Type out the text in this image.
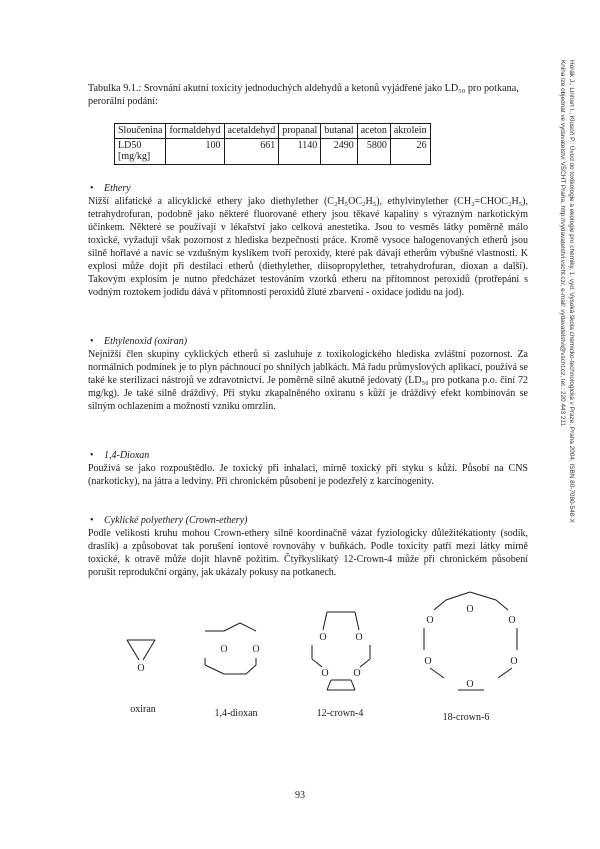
Tabulka 9.1.: Srovnání akutní toxicity jednoduchých aldehydů a ketonů vyjádřené jako LD₅₀ pro potkana, perorální podání:
Sloučenina	formaldehyd	acetaldehyd	propanal	butanal	aceton	akrolein
LD50
[mg/kg]	100	661	1140	2490	5800	26
•	Ethery
Nižší alifatické a alicyklické ethery jako diethylether (C₂H₅OC₂H₅), ethylvinylether (CH₂=CHOC₂H₅), tetrahydrofuran, podobně jako některé fluorované ethery jsou těkavé kapaliny s výrazným narkotickým účinkem. Některé se používají v lékařství jako celková anestetika. Jsou to vesměs látky poměrně málo toxické, vyžadují však pozornost z hlediska bezpečnosti práce. Kromě vysoce halogenovaných etherů jsou silně hořlavé a navíc se vzdušným kyslíkem tvoří peroxidy, které pak dávají etherům výbušné vlastnosti. K explosi může dojít při destilaci etherů (diethylether, diisopropylether, tetrahydrofuran, dioxan a další). Takovým explosím je nutno předcházet testováním vzorků etheru na přítomnost peroxidů (protřepání s vodným roztokem jodidu dává v přítomnosti peroxidů žluté zbarvení - oxidace jodidu na jod).
•	Ethylenoxid (oxiran)
Nejnižší člen skupiny cyklických etherů si zasluhuje z toxikologického hlediska zvláštní pozornost. Za normálních podmínek je to plyn páchnoucí po shnilých jablkách. Má řadu průmyslových aplikací, používá se také ke sterilizaci nástrojů ve zdravotnictví. Je poměrně silně akutně jedovatý (LD₅₀ pro potkana p.o. činí 72 mg/kg). Je také silně dráždivý. Při styku zkapalněného oxiranu s kůží je dráždivý efekt kombinován se silným ochlazením a možností vzniku omrzlin.
•	1,4-Dioxan
Používá se jako rozpouštědlo. Je toxický při inhalaci, mírně toxický při styku s kůží. Působí na CNS (narkoticky), na játra a ledviny. Při chronickém působení je podezřelý z karcinogenity.
•	Cyklické polyethery (Crown-ethery)
Podle velikosti kruhu mohou Crown-ethery silně koordinačně vázat fyziologicky důležitékationty (sodík, draslík) a způsobovat tak porušení iontové rovnováhy v buňkách. Podle toxicity patří mezi látky mírně toxické, k otravě může dojít hlavně požitím. Čtyřkyslíkatý 12-Crown-4 může při chronickém působení porušit reprodukční orgány, jak ukázaly pokusy na potkanech.
O
O O
O	O
O O
O
O	O
O	O
O
oxiran	1,4-dioxan	12-crown-4	18-crown-6
Horák J., Linhart I., Klusoň P.: Úvod do toxikologie a ekologie pro chemiky, 1. vyd. Vysoká škola chemicko-technologická v Praze, Praha 2004, ISBN 80-7080-548-X
Kniha lze objednat ve vydavatelství VŠCHT Praha, http://vydavatelstvi.vscht.cz/, e-mail: vydavatelstvi@vscht.cz, tel.: 220 443 211
93
